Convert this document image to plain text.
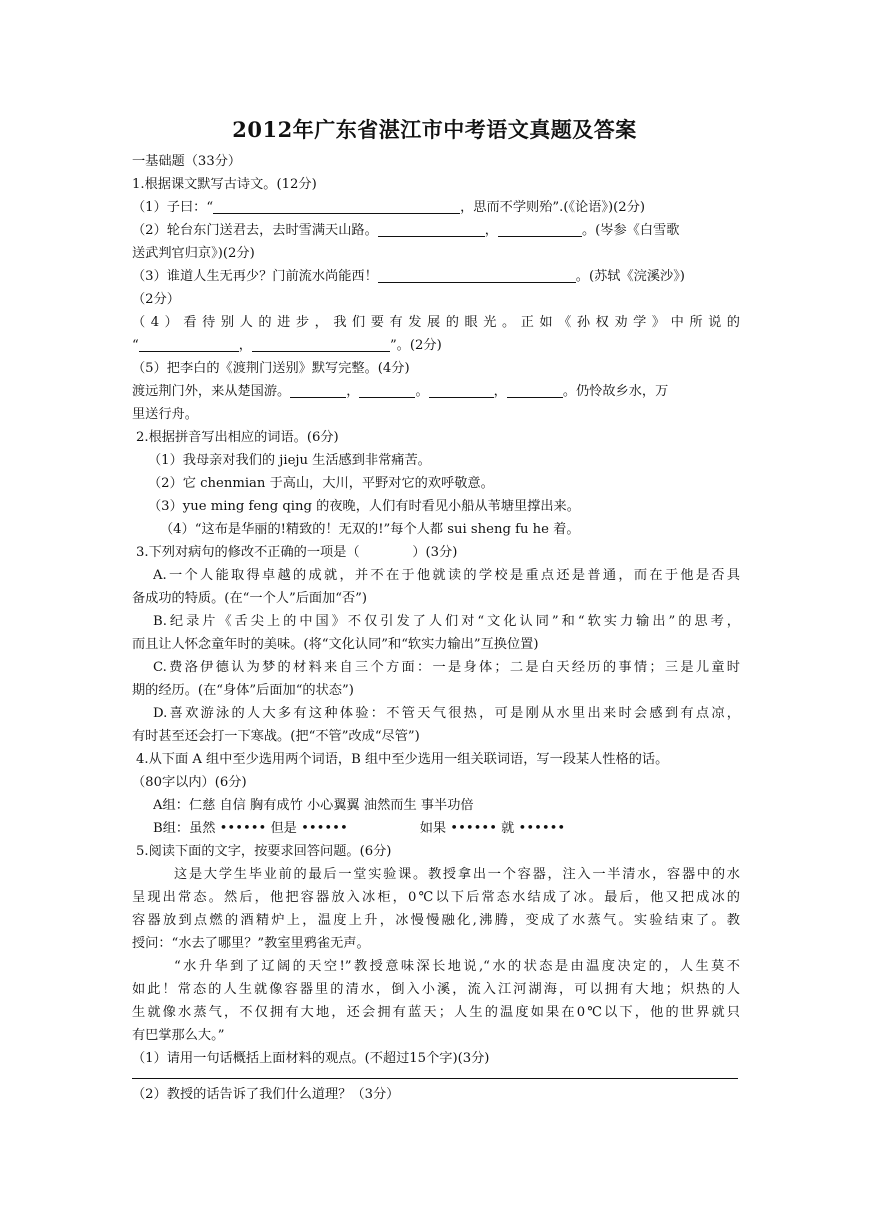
2012年广东省湛江市中考语文真题及答案
一基础题（33分）
1.根据课文默写古诗文。(12分)
（1）子曰：“	，思而不学则殆”.(《论语》)(2分)
（2）轮台东门送君去，去时雪满天山路。	，	。(岑参《白雪歌
送武判官归京》)(2分)
（3）谁道人生无再少？门前流水尚能西！	。(苏轼《浣溪沙》)
（2分）
（4）看待别人的进步，我们要有发展的眼光。正如《孙权劝学》中所说的
“	，	”。(2分)
（5）把李白的《渡荆门送别》默写完整。(4分)
渡远荆门外，来从楚国游。	，	。	，	。仍怜故乡水，万
里送行舟。
2.根据拼音写出相应的词语。(6分)
（1）我母亲对我们的 jieju 生活感到非常痛苦。
（2）它 chenmian 于高山，大川，平野对它的欢呼敬意。
（3）yue ming feng qing 的夜晚，人们有时看见小船从苇塘里撑出来。
（4）“这布是华丽的!精致的！无双的!”每个人都 sui sheng fu he 着。
3.下列对病句的修改不正确的一项是（　　　　）(3分)
A.一个人能取得卓越的成就，并不在于他就读的学校是重点还是普通，而在于他是否具
备成功的特质。(在“一个人”后面加“否”)
B.纪录片《舌尖上的中国》不仅引发了人们对“文化认同”和“软实力输出”的思考，
而且让人怀念童年时的美味。(将“文化认同”和“软实力输出”互换位置)
C.费洛伊德认为梦的材料来自三个方面：一是身体；二是白天经历的事情；三是儿童时
期的经历。(在“身体”后面加“的状态”)
D.喜欢游泳的人大多有这种体验：不管天气很热，可是刚从水里出来时会感到有点凉，
有时甚至还会打一下寒战。(把“不管”改成“尽管”)
4.从下面 A 组中至少选用两个词语，B 组中至少选用一组关联词语，写一段某人性格的话。
（80字以内）(6分)
A组：仁慈 自信 胸有成竹 小心翼翼 油然而生 事半功倍
B组：虽然 •••••• 但是 ••••••	如果 •••••• 就 ••••••
5.阅读下面的文字，按要求回答问题。(6分)
这是大学生毕业前的最后一堂实验课。教授拿出一个容器，注入一半清水，容器中的水
呈现出常态。然后，他把容器放入冰柜，0℃以下后常态水结成了冰。最后，他又把成冰的
容器放到点燃的酒精炉上，温度上升，冰慢慢融化,沸腾，变成了水蒸气。实验结束了。教
授问：“水去了哪里？”教室里鸦雀无声。
“水升华到了辽阔的天空!”教授意味深长地说,“水的状态是由温度决定的，人生莫不
如此！常态的人生就像容器里的清水，倒入小溪，流入江河湖海，可以拥有大地；炽热的人
生就像水蒸气，不仅拥有大地，还会拥有蓝天；人生的温度如果在0℃以下，他的世界就只
有巴掌那么大。”
（1）请用一句话概括上面材料的观点。(不超过15个字)(3分)
（2）教授的话告诉了我们什么道理？（3分）
